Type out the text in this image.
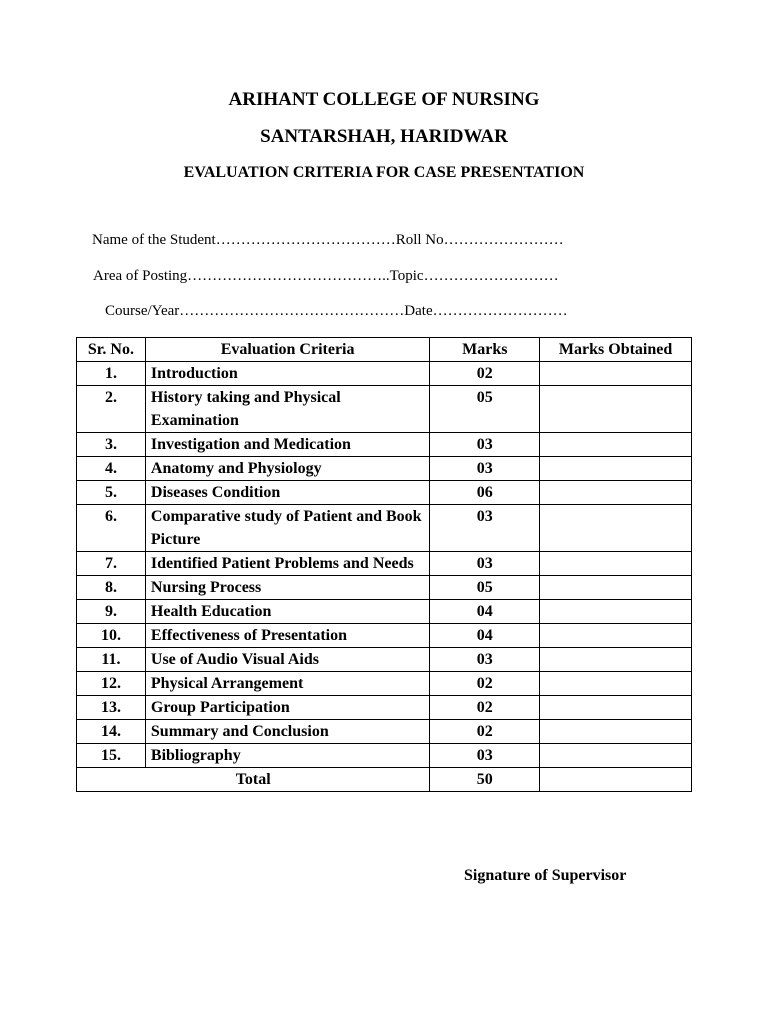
ARIHANT COLLEGE OF NURSING
SANTARSHAH, HARIDWAR
EVALUATION CRITERIA FOR CASE PRESENTATION
Name of the Student………………………………Roll No……………………
Area of Posting…………………………………..Topic………………………
Course/Year………………………………………Date………………………
Sr. No.	Evaluation Criteria	Marks	Marks Obtained
1.	Introduction	02	
2.	History taking and Physical Examination	05	
3.	Investigation and Medication	03	
4.	Anatomy and Physiology	03	
5.	Diseases Condition	06	
6.	Comparative study of Patient and Book Picture	03	
7.	Identified Patient Problems and Needs	03	
8.	Nursing Process	05	
9.	Health Education	04	
10.	Effectiveness of Presentation	04	
11.	Use of Audio Visual Aids	03	
12.	Physical Arrangement	02	
13.	Group Participation	02	
14.	Summary and Conclusion	02	
15.	Bibliography	03	
Total		50	
Signature of Supervisor
